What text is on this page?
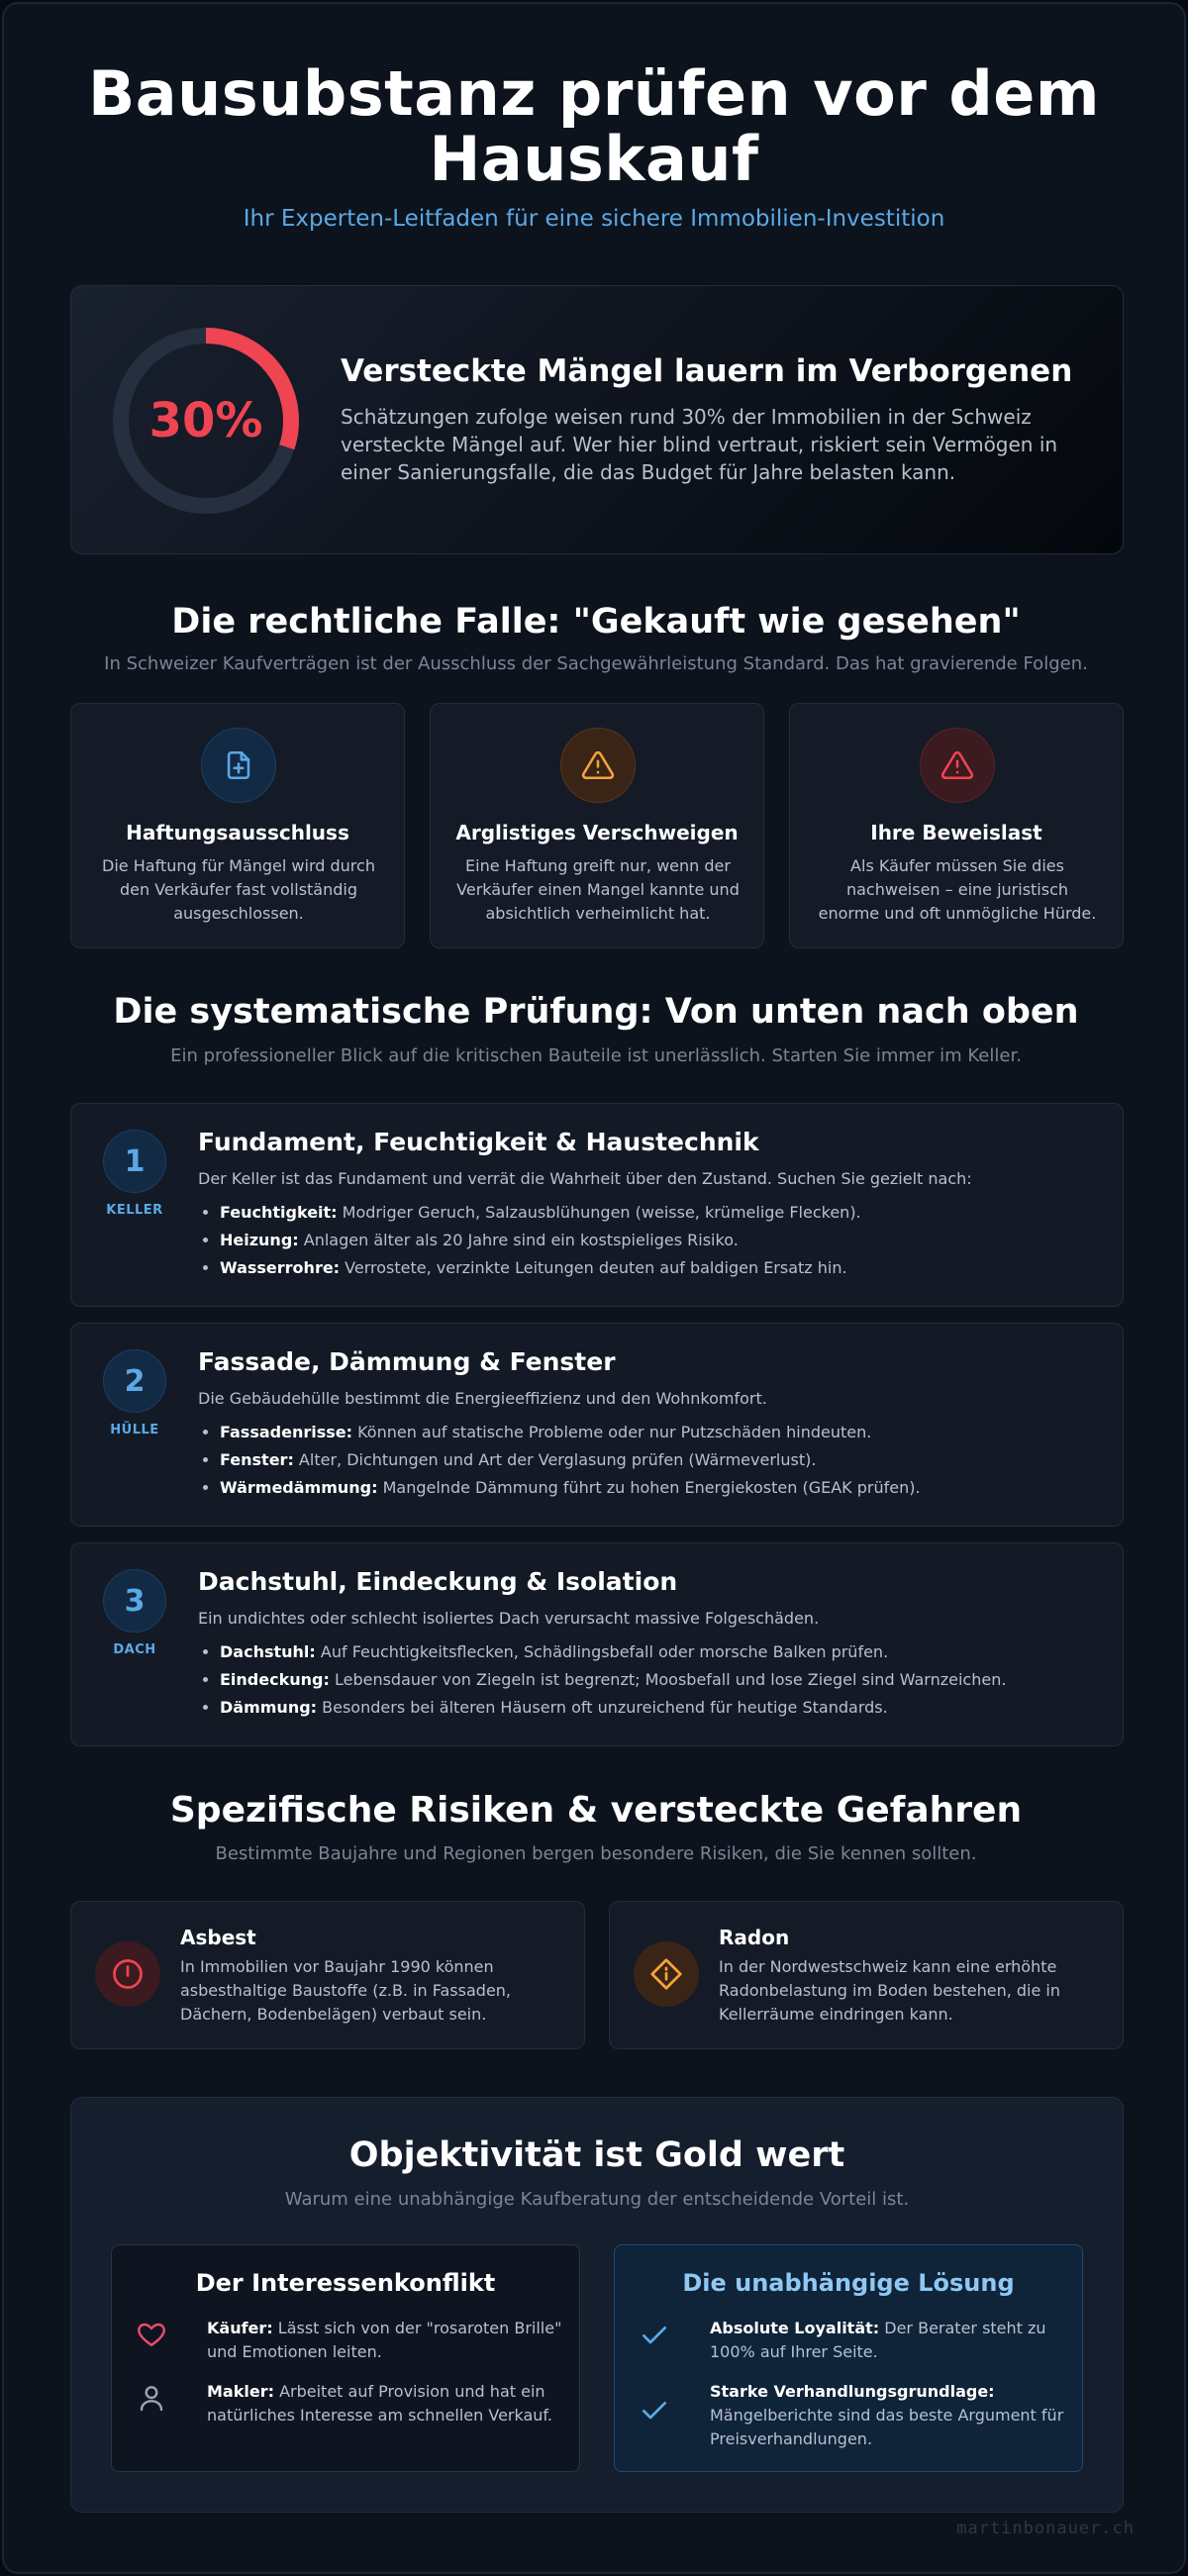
Bausubstanz prüfen vor dem
Hauskauf
Ihr Experten-Leitfaden für eine sichere Immobilien-Investition
30%
Versteckte Mängel lauern im Verborgenen

Schätzungen zufolge weisen rund 30% der Immobilien in der Schweiz versteckte Mängel auf. Wer hier blind vertraut, riskiert sein Vermögen in einer Sanierungsfalle, die das Budget für Jahre belasten kann.

Die rechtliche Falle: "Gekauft wie gesehen"
In Schweizer Kaufverträgen ist der Ausschluss der Sachgewährleistung Standard. Das hat gravierende Folgen.
Haftungsausschluss

Die Haftung für Mängel wird durch den Verkäufer fast vollständig ausgeschlossen.

Arglistiges Verschweigen

Eine Haftung greift nur, wenn der Verkäufer einen Mangel kannte und absichtlich verheimlicht hat.

Ihre Beweislast

Als Käufer müssen Sie dies nachweisen – eine juristisch enorme und oft unmögliche Hürde.

Die systematische Prüfung: Von unten nach oben
Ein professioneller Blick auf die kritischen Bauteile ist unerlässlich. Starten Sie immer im Keller.
1
KELLER
Fundament, Feuchtigkeit & Haustechnik
Der Keller ist das Fundament und verrät die Wahrheit über den Zustand. Suchen Sie gezielt nach:
• Feuchtigkeit: Modriger Geruch, Salzausblühungen (weisse, krümelige Flecken).
• Heizung: Anlagen älter als 20 Jahre sind ein kostspieliges Risiko.
• Wasserrohre: Verrostete, verzinkte Leitungen deuten auf baldigen Ersatz hin.
2
HÜLLE
Fassade, Dämmung & Fenster
Die Gebäudehülle bestimmt die Energieeffizienz und den Wohnkomfort.
• Fassadenrisse: Können auf statische Probleme oder nur Putzschäden hindeuten.
• Fenster: Alter, Dichtungen und Art der Verglasung prüfen (Wärmeverlust).
• Wärmedämmung: Mangelnde Dämmung führt zu hohen Energiekosten (GEAK prüfen).
3
DACH
Dachstuhl, Eindeckung & Isolation
Ein undichtes oder schlecht isoliertes Dach verursacht massive Folgeschäden.
• Dachstuhl: Auf Feuchtigkeitsflecken, Schädlingsbefall oder morsche Balken prüfen.
• Eindeckung: Lebensdauer von Ziegeln ist begrenzt; Moosbefall und lose Ziegel sind Warnzeichen.
• Dämmung: Besonders bei älteren Häusern oft unzureichend für heutige Standards.
Spezifische Risiken & versteckte Gefahren
Bestimmte Baujahre und Regionen bergen besondere Risiken, die Sie kennen sollten.
Asbest

In Immobilien vor Baujahr 1990 können asbesthaltige Baustoffe (z.B. in Fassaden, Dächern, Bodenbelägen) verbaut sein.

Radon

In der Nordwestschweiz kann eine erhöhte Radonbelastung im Boden bestehen, die in Kellerräume eindringen kann.

Objektivität ist Gold wert
Warum eine unabhängige Kaufberatung der entscheidende Vorteil ist.
Der Interessenkonflikt

Käufer: Lässt sich von der "rosaroten Brille" und Emotionen leiten.

Makler: Arbeitet auf Provision und hat ein natürliches Interesse am schnellen Verkauf.

Die unabhängige Lösung

Absolute Loyalität: Der Berater steht zu 100% auf Ihrer Seite.

Starke Verhandlungsgrundlage: Mängelberichte sind das beste Argument für Preisverhandlungen.

martinbonauer.ch
